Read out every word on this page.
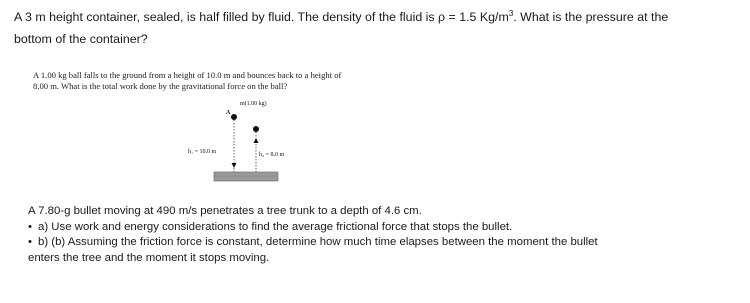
A 3 m height container, sealed, is half filled by fluid. The density of the fluid is ρ = 1.5 $Kg/m^3$. What is the pressure at the

bottom of the container?

A 1.00 kg ball falls to the ground from a height of 10.0 m and bounces back to a height of

8.00 m. What is the total work done by the gravitational force on the ball?

m(1.00 kg)
A
h₁ = 10.0 m	h₂ = 8.0 m

A 7.80-g bullet moving at 490 m/s penetrates a tree trunk to a depth of 4.6 cm.

• a) Use work and energy considerations to find the average frictional force that stops the bullet.

• b) (b) Assuming the friction force is constant, determine how much time elapses between the moment the bullet

enters the tree and the moment it stops moving.
